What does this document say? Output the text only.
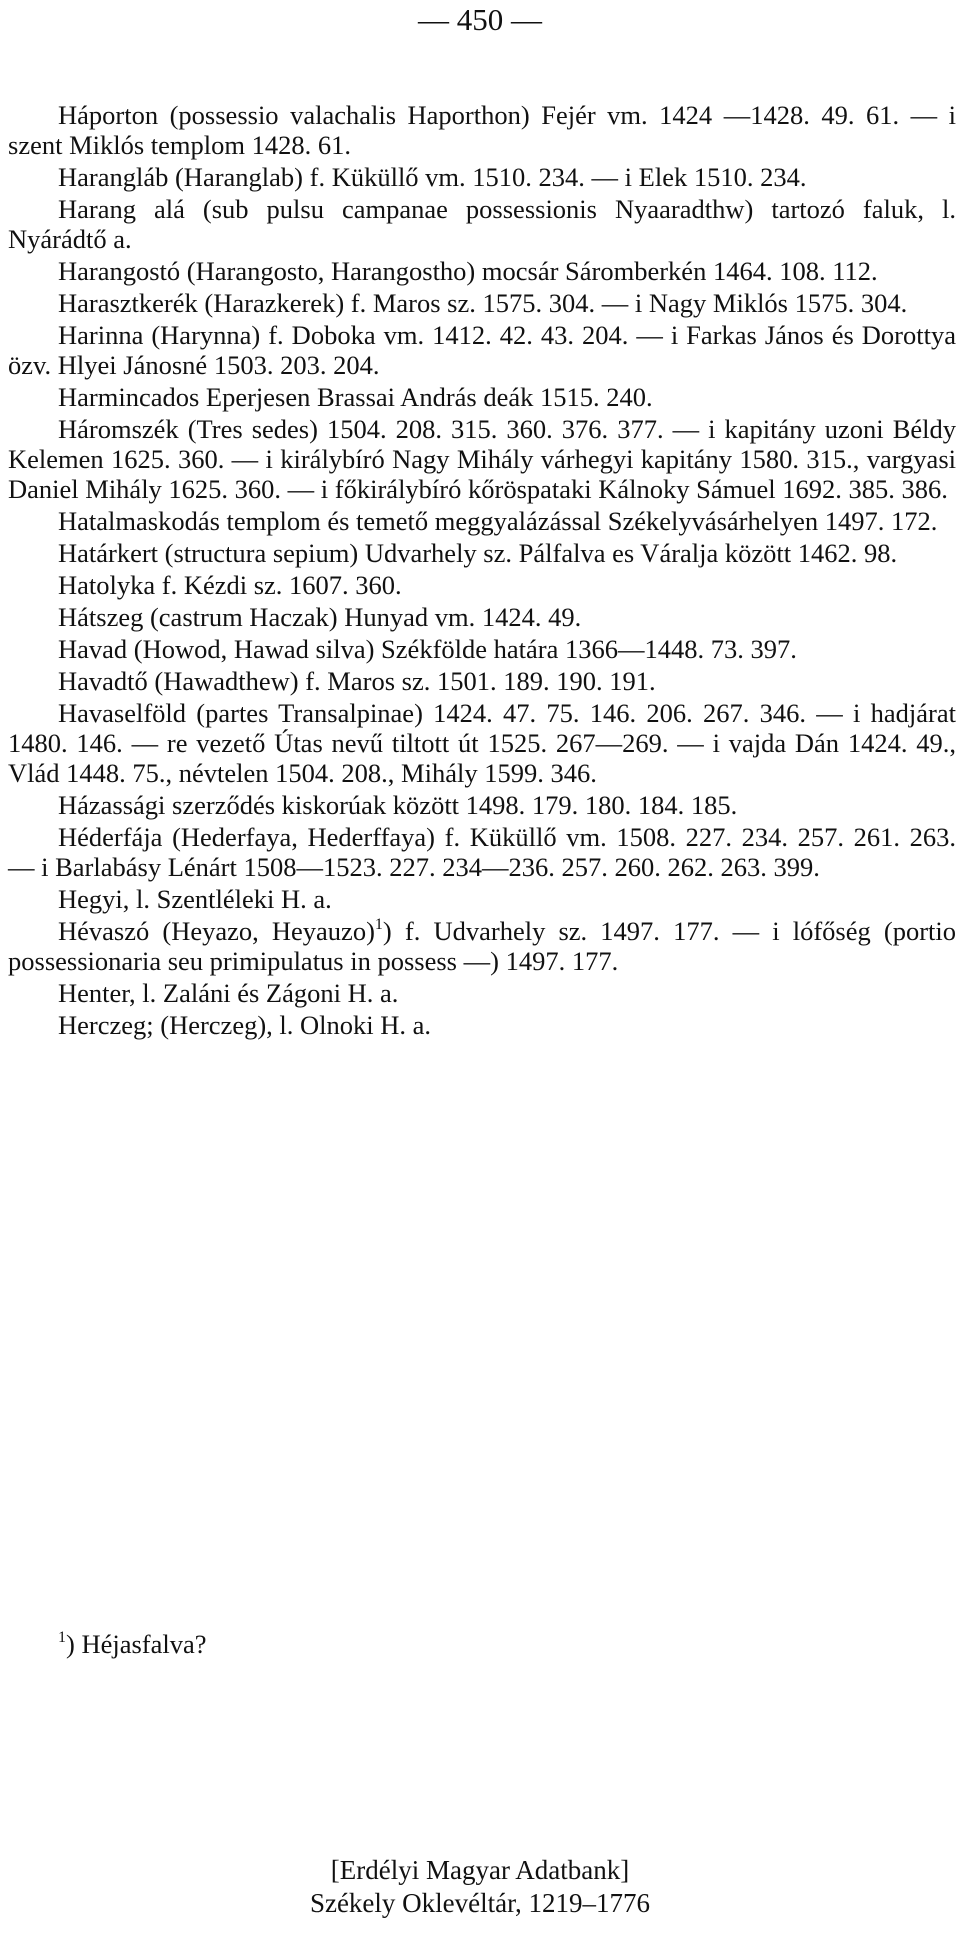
— 450 —

Háporton (possessio valachalis Haporthon) Fejér vm. 1424 —1428. 49. 61. — i szent Miklós templom 1428. 61.

Harangláb (Haranglab) f. Küküllő vm. 1510. 234. — i Elek 1510. 234.

Harang alá (sub pulsu campanae possessionis Nyaaradthw) tartozó faluk, l. Nyárádtő a.

Harangostó (Harangosto, Harangostho) mocsár Sáromberkén 1464. 108. 112.

Harasztkerék (Harazkerek) f. Maros sz. 1575. 304. — i Nagy Miklós 1575. 304.

Harinna (Harynna) f. Doboka vm. 1412. 42. 43. 204. — i Farkas János és Dorottya özv. Hlyei Jánosné 1503. 203. 204.

Harmincados Eperjesen Brassai András deák 1515. 240.

Háromszék (Tres sedes) 1504. 208. 315. 360. 376. 377. — i kapitány uzoni Béldy Kelemen 1625. 360. — i királybíró Nagy Mihály várhegyi kapitány 1580. 315., vargyasi Daniel Mihály 1625. 360. — i főkirálybíró kőröspataki Kálnoky Sámuel 1692. 385. 386.

Hatalmaskodás templom és temető meggyalázással Székelyvásárhelyen 1497. 172.

Határkert (structura sepium) Udvarhely sz. Pálfalva es Váralja között 1462. 98.

Hatolyka f. Kézdi sz. 1607. 360.

Hátszeg (castrum Haczak) Hunyad vm. 1424. 49.

Havad (Howod, Hawad silva) Székfölde határa 1366—1448. 73. 397.

Havadtő (Hawadthew) f. Maros sz. 1501. 189. 190. 191.

Havaselföld (partes Transalpinae) 1424. 47. 75. 146. 206. 267. 346. — i hadjárat 1480. 146. — re vezető Útas nevű tiltott út 1525. 267—269. — i vajda Dán 1424. 49., Vlád 1448. 75., névtelen 1504. 208., Mihály 1599. 346.

Házassági szerződés kiskorúak között 1498. 179. 180. 184. 185.

Héderfája (Hederfaya, Hederffaya) f. Küküllő vm. 1508. 227. 234. 257. 261. 263. — i Barlabásy Lénárt 1508—1523. 227. 234—236. 257. 260. 262. 263. 399.

Hegyi, l. Szentléleki H. a.

Hévaszó (Heyazo, Heyauzo)$^1$) f. Udvarhely sz. 1497. 177. — i lófőség (portio possessionaria seu primipulatus in possess —) 1497. 177.

Henter, l. Zaláni és Zágoni H. a.

Herczeg; (Herczeg), l. Olnoki H. a.

$^1$) Héjasfalva?

[Erdélyi Magyar Adatbank]
Székely Oklevéltár, 1219–1776
